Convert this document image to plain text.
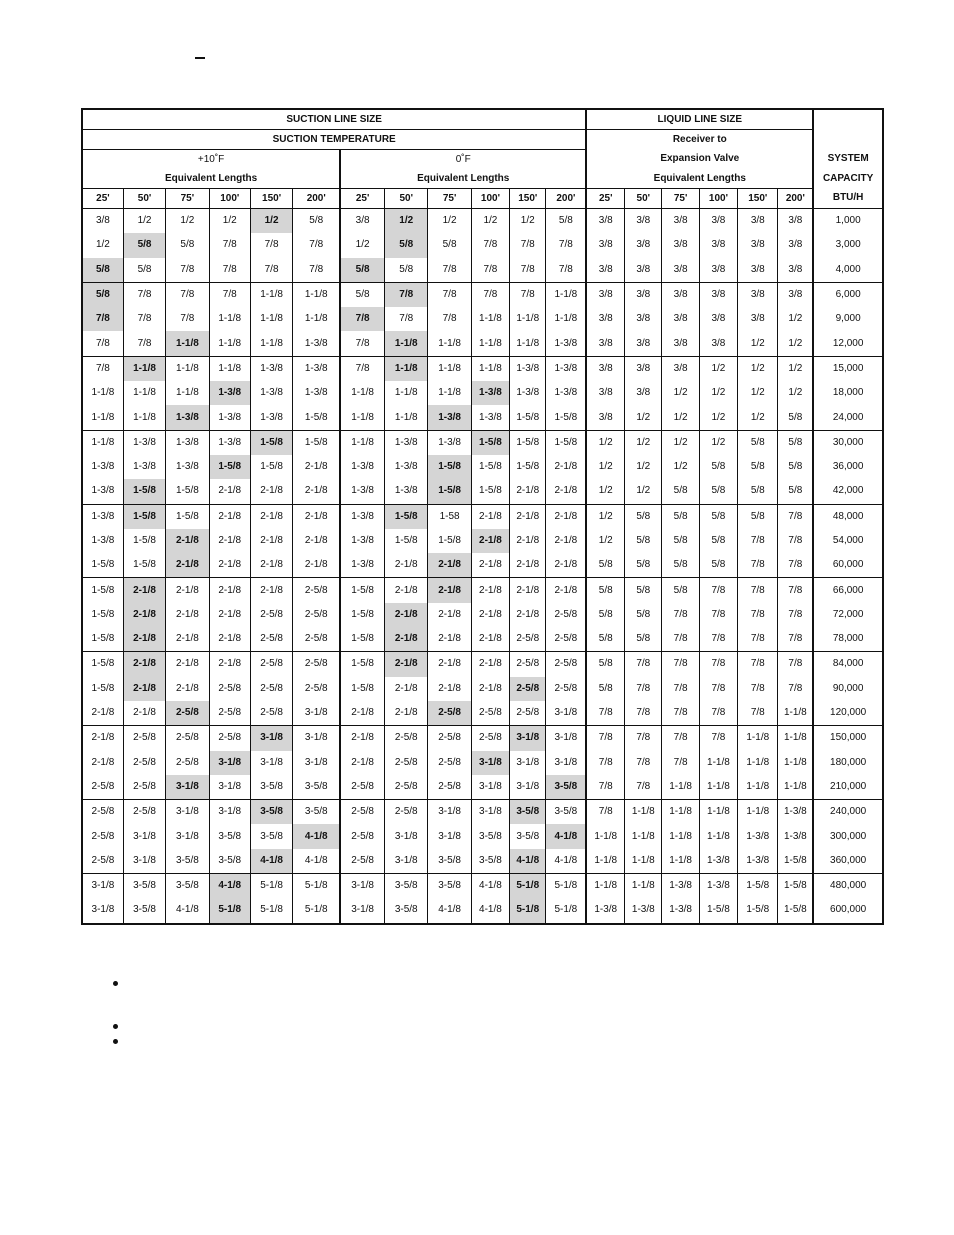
SUCTION LINE SIZE												LIQUID LINE SIZE						
SUCTION TEMPERATURE												Receiver to						
+10˚F						0˚F						Expansion Valve						SYSTEM
Equivalent Lengths						Equivalent Lengths						Equivalent Lengths						CAPACITY
25'	50'	75'	100'	150'	200'	25'	50'	75'	100'	150'	200'	25'	50'	75'	100'	150'	200'	BTU/H
3/8	1/2	1/2	1/2	1/2	5/8	3/8	1/2	1/2	1/2	1/2	5/8	3/8	3/8	3/8	3/8	3/8	3/8	1,000
1/2	5/8	5/8	7/8	7/8	7/8	1/2	5/8	5/8	7/8	7/8	7/8	3/8	3/8	3/8	3/8	3/8	3/8	3,000
5/8	5/8	7/8	7/8	7/8	7/8	5/8	5/8	7/8	7/8	7/8	7/8	3/8	3/8	3/8	3/8	3/8	3/8	4,000
5/8	7/8	7/8	7/8	1-1/8	1-1/8	5/8	7/8	7/8	7/8	7/8	1-1/8	3/8	3/8	3/8	3/8	3/8	3/8	6,000
7/8	7/8	7/8	1-1/8	1-1/8	1-1/8	7/8	7/8	7/8	1-1/8	1-1/8	1-1/8	3/8	3/8	3/8	3/8	3/8	1/2	9,000
7/8	7/8	1-1/8	1-1/8	1-1/8	1-3/8	7/8	1-1/8	1-1/8	1-1/8	1-1/8	1-3/8	3/8	3/8	3/8	3/8	1/2	1/2	12,000
7/8	1-1/8	1-1/8	1-1/8	1-3/8	1-3/8	7/8	1-1/8	1-1/8	1-1/8	1-3/8	1-3/8	3/8	3/8	3/8	1/2	1/2	1/2	15,000
1-1/8	1-1/8	1-1/8	1-3/8	1-3/8	1-3/8	1-1/8	1-1/8	1-1/8	1-3/8	1-3/8	1-3/8	3/8	3/8	1/2	1/2	1/2	1/2	18,000
1-1/8	1-1/8	1-3/8	1-3/8	1-3/8	1-5/8	1-1/8	1-1/8	1-3/8	1-3/8	1-5/8	1-5/8	3/8	1/2	1/2	1/2	1/2	5/8	24,000
1-1/8	1-3/8	1-3/8	1-3/8	1-5/8	1-5/8	1-1/8	1-3/8	1-3/8	1-5/8	1-5/8	1-5/8	1/2	1/2	1/2	1/2	5/8	5/8	30,000
1-3/8	1-3/8	1-3/8	1-5/8	1-5/8	2-1/8	1-3/8	1-3/8	1-5/8	1-5/8	1-5/8	2-1/8	1/2	1/2	1/2	5/8	5/8	5/8	36,000
1-3/8	1-5/8	1-5/8	2-1/8	2-1/8	2-1/8	1-3/8	1-3/8	1-5/8	1-5/8	2-1/8	2-1/8	1/2	1/2	5/8	5/8	5/8	5/8	42,000
1-3/8	1-5/8	1-5/8	2-1/8	2-1/8	2-1/8	1-3/8	1-5/8	1-58	2-1/8	2-1/8	2-1/8	1/2	5/8	5/8	5/8	5/8	7/8	48,000
1-3/8	1-5/8	2-1/8	2-1/8	2-1/8	2-1/8	1-3/8	1-5/8	1-5/8	2-1/8	2-1/8	2-1/8	1/2	5/8	5/8	5/8	7/8	7/8	54,000
1-5/8	1-5/8	2-1/8	2-1/8	2-1/8	2-1/8	1-3/8	2-1/8	2-1/8	2-1/8	2-1/8	2-1/8	5/8	5/8	5/8	5/8	7/8	7/8	60,000
1-5/8	2-1/8	2-1/8	2-1/8	2-1/8	2-5/8	1-5/8	2-1/8	2-1/8	2-1/8	2-1/8	2-1/8	5/8	5/8	5/8	7/8	7/8	7/8	66,000
1-5/8	2-1/8	2-1/8	2-1/8	2-5/8	2-5/8	1-5/8	2-1/8	2-1/8	2-1/8	2-1/8	2-5/8	5/8	5/8	7/8	7/8	7/8	7/8	72,000
1-5/8	2-1/8	2-1/8	2-1/8	2-5/8	2-5/8	1-5/8	2-1/8	2-1/8	2-1/8	2-5/8	2-5/8	5/8	5/8	7/8	7/8	7/8	7/8	78,000
1-5/8	2-1/8	2-1/8	2-1/8	2-5/8	2-5/8	1-5/8	2-1/8	2-1/8	2-1/8	2-5/8	2-5/8	5/8	7/8	7/8	7/8	7/8	7/8	84,000
1-5/8	2-1/8	2-1/8	2-5/8	2-5/8	2-5/8	1-5/8	2-1/8	2-1/8	2-1/8	2-5/8	2-5/8	5/8	7/8	7/8	7/8	7/8	7/8	90,000
2-1/8	2-1/8	2-5/8	2-5/8	2-5/8	3-1/8	2-1/8	2-1/8	2-5/8	2-5/8	2-5/8	3-1/8	7/8	7/8	7/8	7/8	7/8	1-1/8	120,000
2-1/8	2-5/8	2-5/8	2-5/8	3-1/8	3-1/8	2-1/8	2-5/8	2-5/8	2-5/8	3-1/8	3-1/8	7/8	7/8	7/8	7/8	1-1/8	1-1/8	150,000
2-1/8	2-5/8	2-5/8	3-1/8	3-1/8	3-1/8	2-1/8	2-5/8	2-5/8	3-1/8	3-1/8	3-1/8	7/8	7/8	7/8	1-1/8	1-1/8	1-1/8	180,000
2-5/8	2-5/8	3-1/8	3-1/8	3-5/8	3-5/8	2-5/8	2-5/8	2-5/8	3-1/8	3-1/8	3-5/8	7/8	7/8	1-1/8	1-1/8	1-1/8	1-1/8	210,000
2-5/8	2-5/8	3-1/8	3-1/8	3-5/8	3-5/8	2-5/8	2-5/8	3-1/8	3-1/8	3-5/8	3-5/8	7/8	1-1/8	1-1/8	1-1/8	1-1/8	1-3/8	240,000
2-5/8	3-1/8	3-1/8	3-5/8	3-5/8	4-1/8	2-5/8	3-1/8	3-1/8	3-5/8	3-5/8	4-1/8	1-1/8	1-1/8	1-1/8	1-1/8	1-3/8	1-3/8	300,000
2-5/8	3-1/8	3-5/8	3-5/8	4-1/8	4-1/8	2-5/8	3-1/8	3-5/8	3-5/8	4-1/8	4-1/8	1-1/8	1-1/8	1-1/8	1-3/8	1-3/8	1-5/8	360,000
3-1/8	3-5/8	3-5/8	4-1/8	5-1/8	5-1/8	3-1/8	3-5/8	3-5/8	4-1/8	5-1/8	5-1/8	1-1/8	1-1/8	1-3/8	1-3/8	1-5/8	1-5/8	480,000
3-1/8	3-5/8	4-1/8	5-1/8	5-1/8	5-1/8	3-1/8	3-5/8	4-1/8	4-1/8	5-1/8	5-1/8	1-3/8	1-3/8	1-3/8	1-5/8	1-5/8	1-5/8	600,000
